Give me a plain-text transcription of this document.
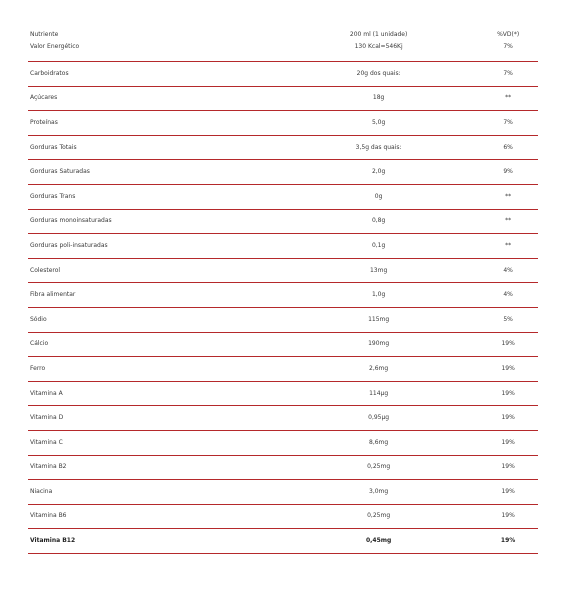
Nutriente	200 ml (1 unidade)	%VD(*)
Valor Energético	130 Kcal=546Kj	7%
Carboidratos	20g dos quais:	7%
Açúcares	18g	**
Proteínas	5,0g	7%
Gorduras Totais	3,5g das quais:	6%
Gorduras Saturadas	2,0g	9%
Gorduras Trans	0g	**
Gorduras monoinsaturadas	0,8g	**
Gorduras poli-insaturadas	0,1g	**
Colesterol	13mg	4%
Fibra alimentar	1,0g	4%
Sódio	115mg	5%
Cálcio	190mg	19%
Ferro	2,6mg	19%
Vitamina A	114µg	19%
Vitamina D	0,95µg	19%
Vitamina C	8,6mg	19%
Vitamina B2	0,25mg	19%
Niacina	3,0mg	19%
Vitamina B6	0,25mg	19%
Vitamina B12	0,45mg	19%
